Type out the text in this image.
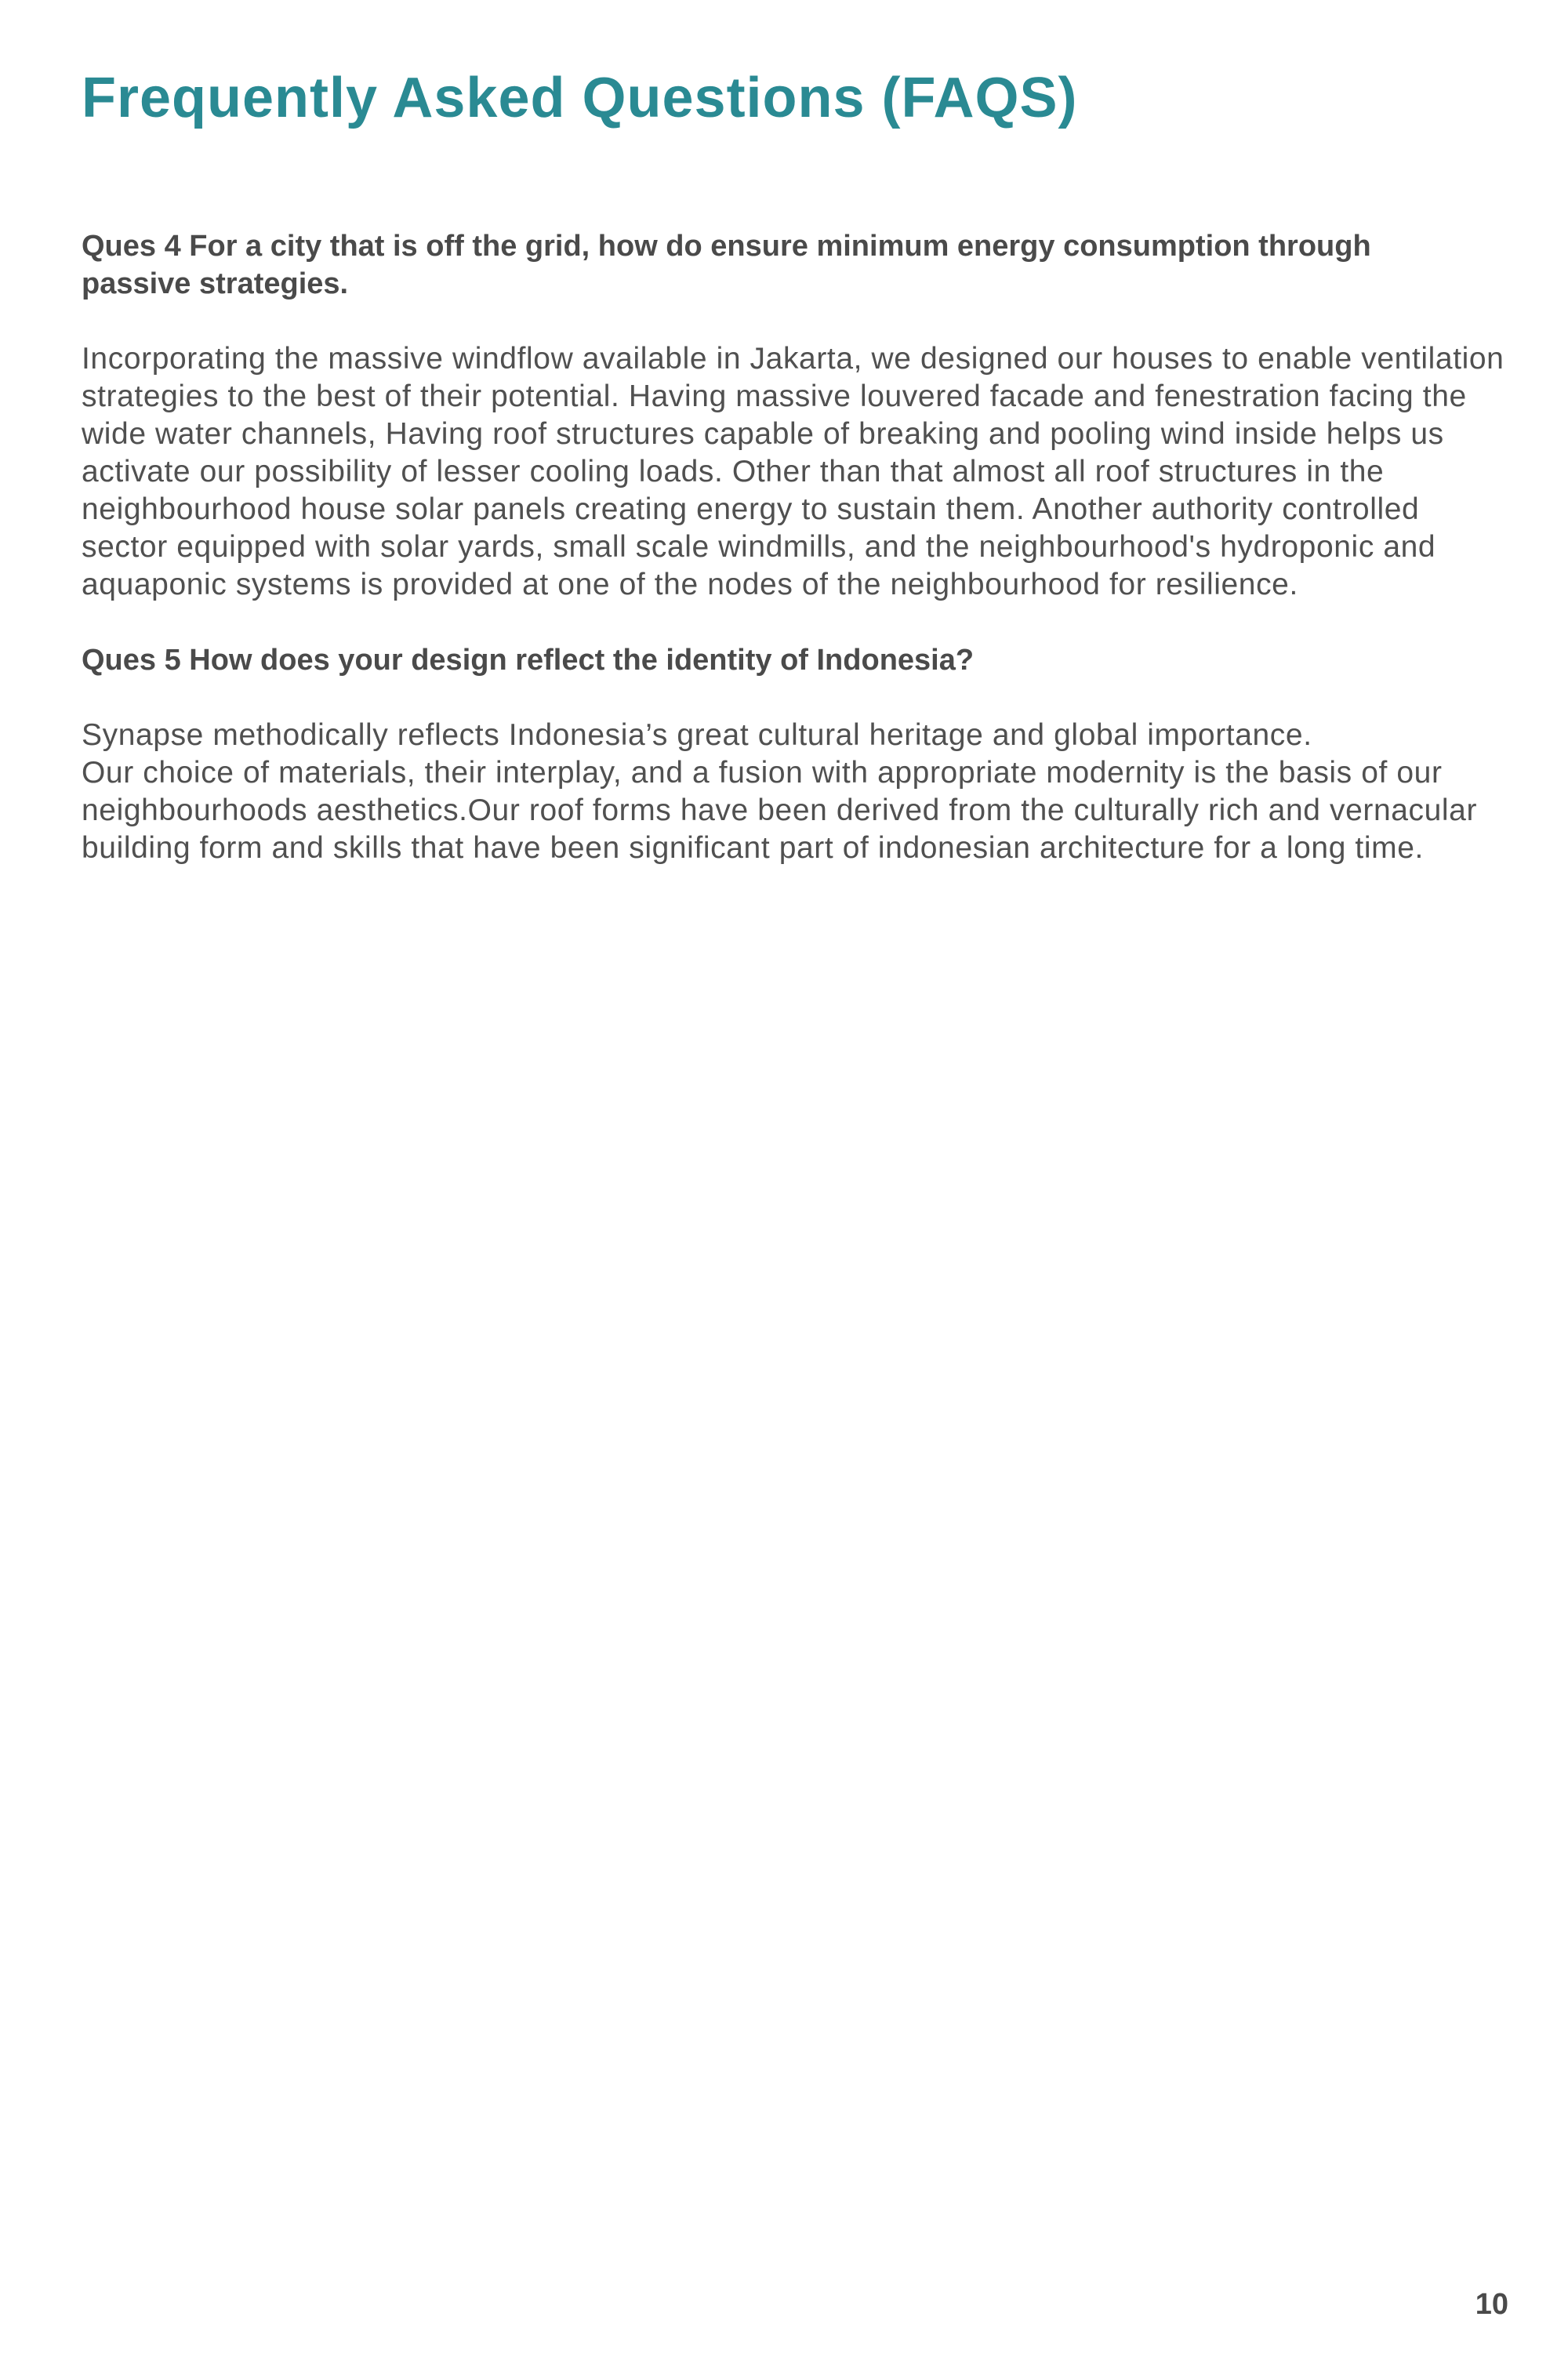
Frequently Asked Questions (FAQS)
Ques 4 For a city that is off the grid, how do ensure minimum energy consumption through passive strategies.

Incorporating the massive windflow available in Jakarta, we designed our houses to enable ventilation strategies to the best of their potential. Having massive louvered facade and fenestration facing the wide water channels, Having roof structures capable of breaking and pooling wind inside helps us activate our possibility of lesser cooling loads. Other than that almost all roof structures in the neighbourhood house solar panels creating energy to sustain them. Another authority controlled sector equipped with solar yards, small scale windmills, and the neighbourhood's hydroponic and aquaponic systems is provided at one of the nodes of the neighbourhood for resilience.

Ques 5 How does your design reflect the identity of Indonesia?

Synapse methodically reflects Indonesia’s great cultural heritage and global importance.

Our choice of materials, their interplay, and a fusion with appropriate modernity is the basis of our neighbourhoods aesthetics.Our roof forms have been derived from the culturally rich and vernacular building form and skills that have been significant part of indonesian architecture for a long time.

10
